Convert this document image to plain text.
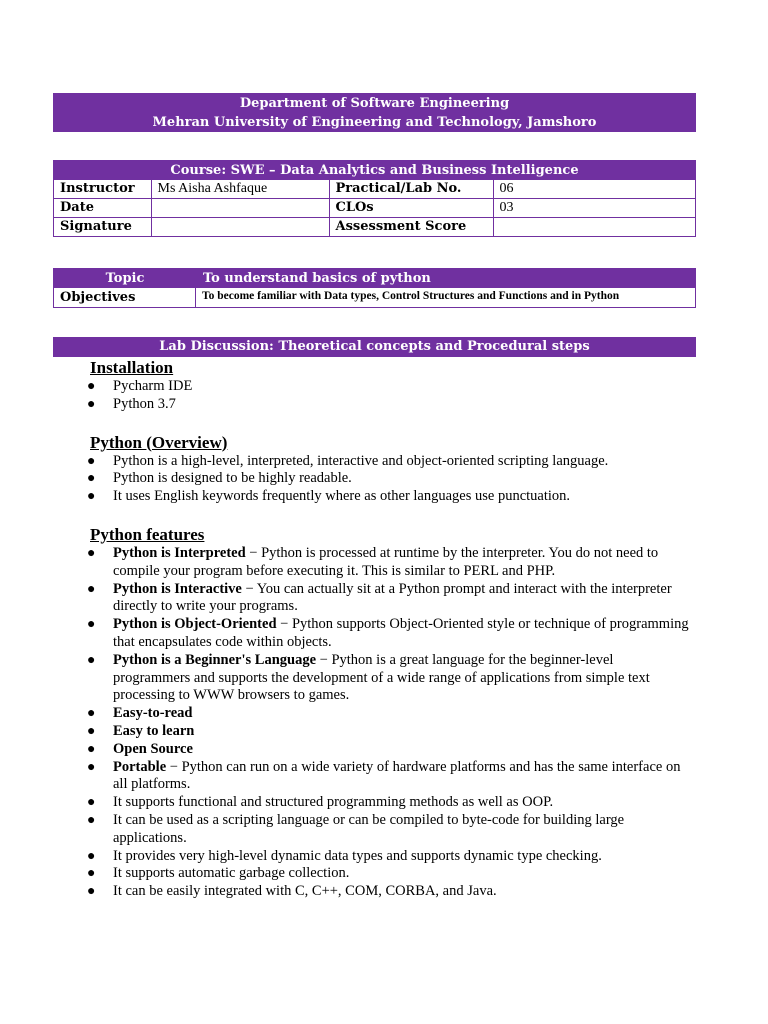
Department of Software Engineering
Mehran University of Engineering and Technology, Jamshoro
Course: SWE – Data Analytics and Business Intelligence
Instructor	Ms Aisha Ashfaque	Practical/Lab No.	06
Date		CLOs	03
Signature		Assessment Score	
Topic	To understand basics of python
Objectives	To become familiar with Data types, Control Structures and Functions and in Python
Lab Discussion: Theoretical concepts and Procedural steps
Installation
● Pycharm IDE
● Python 3.7
Python (Overview)
● Python is a high-level, interpreted, interactive and object-oriented scripting language.
● Python is designed to be highly readable.
● It uses English keywords frequently where as other languages use punctuation.
Python features
● Python is Interpreted − Python is processed at runtime by the interpreter. You do not need to compile your program before executing it. This is similar to PERL and PHP.
● Python is Interactive − You can actually sit at a Python prompt and interact with the interpreter directly to write your programs.
● Python is Object-Oriented − Python supports Object-Oriented style or technique of programming that encapsulates code within objects.
● Python is a Beginner's Language − Python is a great language for the beginner-level programmers and supports the development of a wide range of applications from simple text processing to WWW browsers to games.
● Easy-to-read
● Easy to learn
● Open Source
● Portable − Python can run on a wide variety of hardware platforms and has the same interface on all platforms.
● It supports functional and structured programming methods as well as OOP.
● It can be used as a scripting language or can be compiled to byte-code for building large applications.
● It provides very high-level dynamic data types and supports dynamic type checking.
● It supports automatic garbage collection.
● It can be easily integrated with C, C++, COM, CORBA, and Java.
